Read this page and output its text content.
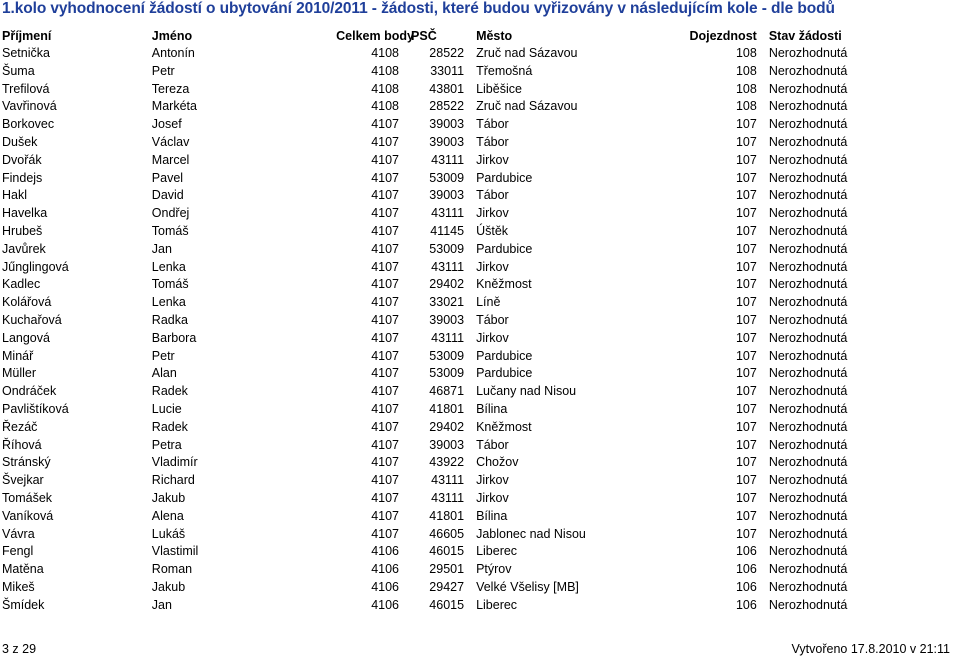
1.kolo vyhodnocení žádostí o ubytování 2010/2011 - žádosti, které budou vyřizovány v následujícím kole - dle bodů
Příjmení	Jméno	Celkem body	PSČ	Město	Dojezdnost	Stav žádosti
Setnička	Antonín	4108	28522	Zruč nad Sázavou	108	Nerozhodnutá
Šuma	Petr	4108	33011	Třemošná	108	Nerozhodnutá
Trefilová	Tereza	4108	43801	Liběšice	108	Nerozhodnutá
Vavřinová	Markéta	4108	28522	Zruč nad Sázavou	108	Nerozhodnutá
Borkovec	Josef	4107	39003	Tábor	107	Nerozhodnutá
Dušek	Václav	4107	39003	Tábor	107	Nerozhodnutá
Dvořák	Marcel	4107	43111	Jirkov	107	Nerozhodnutá
Findejs	Pavel	4107	53009	Pardubice	107	Nerozhodnutá
Hakl	David	4107	39003	Tábor	107	Nerozhodnutá
Havelka	Ondřej	4107	43111	Jirkov	107	Nerozhodnutá
Hrubeš	Tomáš	4107	41145	Úštěk	107	Nerozhodnutá
Javůrek	Jan	4107	53009	Pardubice	107	Nerozhodnutá
Jűnglingová	Lenka	4107	43111	Jirkov	107	Nerozhodnutá
Kadlec	Tomáš	4107	29402	Kněžmost	107	Nerozhodnutá
Kolářová	Lenka	4107	33021	Líně	107	Nerozhodnutá
Kuchařová	Radka	4107	39003	Tábor	107	Nerozhodnutá
Langová	Barbora	4107	43111	Jirkov	107	Nerozhodnutá
Minář	Petr	4107	53009	Pardubice	107	Nerozhodnutá
Müller	Alan	4107	53009	Pardubice	107	Nerozhodnutá
Ondráček	Radek	4107	46871	Lučany nad Nisou	107	Nerozhodnutá
Pavlištíková	Lucie	4107	41801	Bílina	107	Nerozhodnutá
Řezáč	Radek	4107	29402	Kněžmost	107	Nerozhodnutá
Říhová	Petra	4107	39003	Tábor	107	Nerozhodnutá
Stránský	Vladimír	4107	43922	Chožov	107	Nerozhodnutá
Švejkar	Richard	4107	43111	Jirkov	107	Nerozhodnutá
Tomášek	Jakub	4107	43111	Jirkov	107	Nerozhodnutá
Vaníková	Alena	4107	41801	Bílina	107	Nerozhodnutá
Vávra	Lukáš	4107	46605	Jablonec nad Nisou	107	Nerozhodnutá
Fengl	Vlastimil	4106	46015	Liberec	106	Nerozhodnutá
Matěna	Roman	4106	29501	Ptýrov	106	Nerozhodnutá
Mikeš	Jakub	4106	29427	Velké Všelisy [MB]	106	Nerozhodnutá
Šmídek	Jan	4106	46015	Liberec	106	Nerozhodnutá
3 z 29	Vytvořeno 17.8.2010 v 21:11
